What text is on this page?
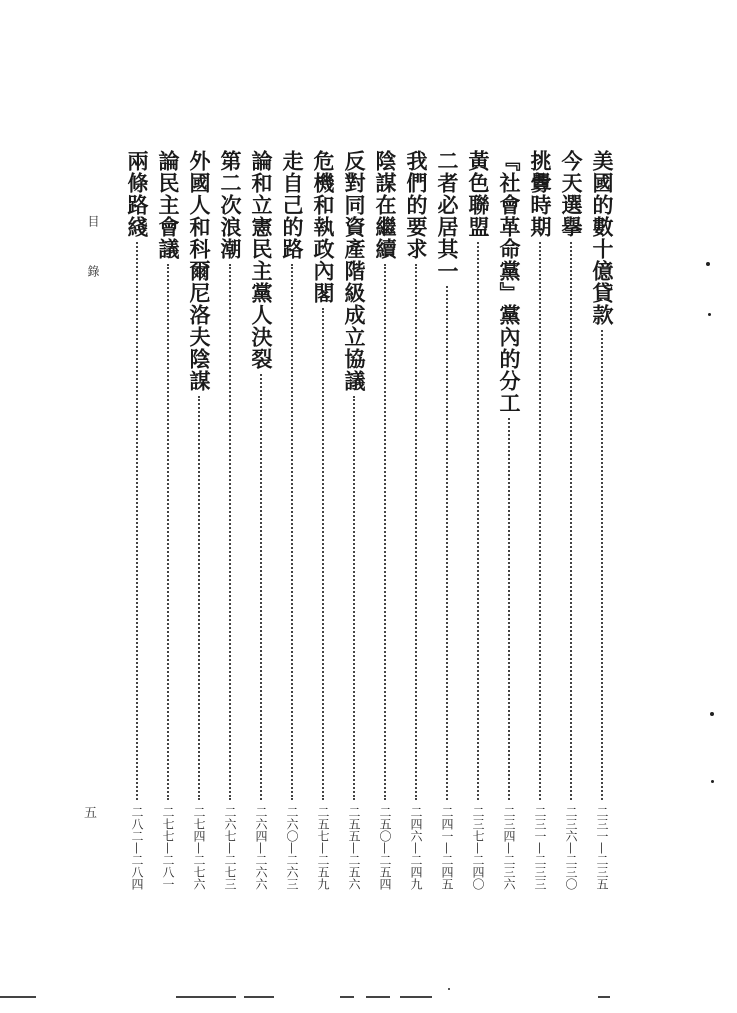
美國的數十億貸款
二三一—二三五
今天選擧
二三六—二三〇
挑釁時期
二三一—二三三
『社會革命黨』黨內的分工
二三四—二三六
黃色聯盟
二三七—二四〇
二者必居其一
二四一—二四五
我們的要求
二四六—二四九
陰謀在繼續
二五〇—二五四
反對同資產階級成立協議
二五五—二五六
危機和執政內閣
二五七—二五九
走自己的路
二六〇—二六三
論和立憲民主黨人決裂
二六四—二六六
第二次浪潮
二六七—二七三
外國人和科爾尼洛夫陰謀
二七四—二七六
論民主會議
二七七—二八一
兩條路綫
二八二—二八四
目錄
五
